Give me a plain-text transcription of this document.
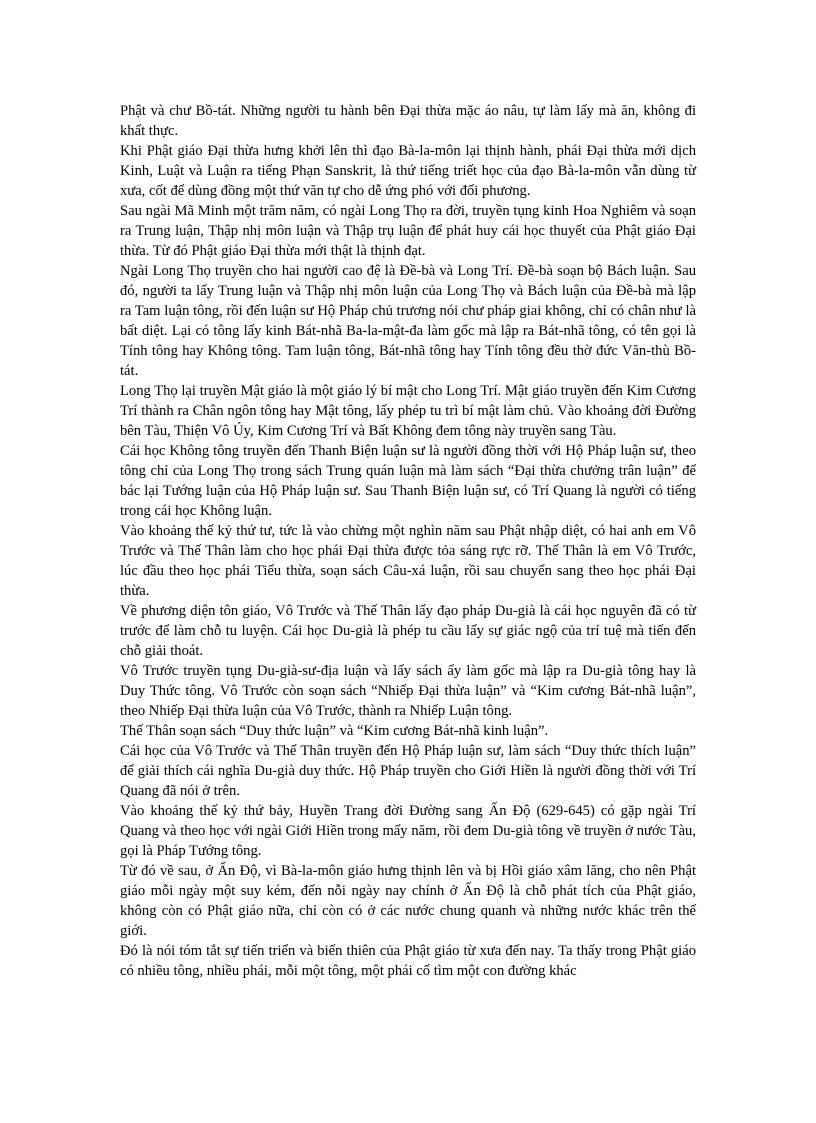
Phật và chư Bồ-tát. Những người tu hành bên Đại thừa mặc áo nâu, tự làm lấy mà ăn, không đi khất thực.

Khi Phật giáo Đại thừa hưng khởi lên thì đạo Bà-la-môn lại thịnh hành, phái Đại thừa mới dịch Kinh, Luật và Luận ra tiếng Phạn Sanskrit, là thứ tiếng triết học của đạo Bà-la-môn vẫn dùng từ xưa, cốt để dùng đồng một thứ văn tự cho dễ ứng phó với đối phương.

Sau ngài Mã Minh một trăm năm, có ngài Long Thọ ra đời, truyền tụng kinh Hoa Nghiêm và soạn ra Trung luận, Thập nhị môn luận và Thập trụ luận để phát huy cái học thuyết của Phật giáo Đại thừa. Từ đó Phật giáo Đại thừa mới thật là thịnh đạt.

Ngài Long Thọ truyền cho hai người cao đệ là Đề-bà và Long Trí. Đề-bà soạn bộ Bách luận. Sau đó, người ta lấy Trung luận và Thập nhị môn luận của Long Thọ và Bách luận của Đề-bà mà lập ra Tam luận tông, rồi đến luận sư Hộ Pháp chủ trương nói chư pháp giai không, chỉ có chân như là bất diệt. Lại có tông lấy kinh Bát-nhã Ba-la-mật-đa làm gốc mà lập ra Bát-nhã tông, có tên gọi là Tính tông hay Không tông. Tam luận tông, Bát-nhã tông hay Tính tông đều thờ đức Văn-thù Bồ-tát.

Long Thọ lại truyền Mật giáo là một giáo lý bí mật cho Long Trí. Mật giáo truyền đến Kim Cương Trí thành ra Chân ngôn tông hay Mật tông, lấy phép tu trì bí mật làm chủ. Vào khoảng đời Đường bên Tàu, Thiện Vô Úy, Kim Cương Trí và Bất Không đem tông này truyền sang Tàu.

Cái học Không tông truyền đến Thanh Biện luận sư là người đồng thời với Hộ Pháp luận sư, theo tông chỉ của Long Thọ trong sách Trung quán luận mà làm sách “Đại thừa chưởng trân luận” để bác lại Tướng luận của Hộ Pháp luận sư. Sau Thanh Biện luận sư, có Trí Quang là người có tiếng trong cái học Không luận.

Vào khoảng thế kỷ thứ tư, tức là vào chừng một nghìn năm sau Phật nhập diệt, có hai anh em Vô Trước và Thế Thân làm cho học phái Đại thừa được tỏa sáng rực rỡ. Thế Thân là em Vô Trước, lúc đầu theo học phái Tiểu thừa, soạn sách Câu-xá luận, rồi sau chuyển sang theo học phái Đại thừa.

Về phương diện tôn giáo, Vô Trước và Thế Thân lấy đạo pháp Du-già là cái học nguyên đã có từ trước để làm chỗ tu luyện. Cái học Du-già là phép tu cầu lấy sự giác ngộ của trí tuệ mà tiến đến chỗ giải thoát.

Vô Trước truyền tụng Du-già-sư-địa luận và lấy sách ấy làm gốc mà lập ra Du-già tông hay là Duy Thức tông. Vô Trước còn soạn sách “Nhiếp Đại thừa luận” và “Kim cương Bát-nhã luận”, theo Nhiếp Đại thừa luận của Vô Trước, thành ra Nhiếp Luận tông.

Thế Thân soạn sách “Duy thức luận” và “Kim cương Bát-nhã kinh luận”.

Cái học của Vô Trước và Thế Thân truyền đến Hộ Pháp luận sư, làm sách “Duy thức thích luận” để giải thích cái nghĩa Du-già duy thức. Hộ Pháp truyền cho Giới Hiền là người đồng thời với Trí Quang đã nói ở trên.

Vào khoảng thế kỷ thứ bảy, Huyền Trang đời Đường sang Ấn Độ (629-645) có gặp ngài Trí Quang và theo học với ngài Giới Hiền trong mấy năm, rồi đem Du-già tông về truyền ở nước Tàu, gọi là Pháp Tướng tông.

Từ đó về sau, ở Ấn Độ, vì Bà-la-môn giáo hưng thịnh lên và bị Hồi giáo xâm lăng, cho nên Phật giáo mỗi ngày một suy kém, đến nỗi ngày nay chính ở Ấn Độ là chỗ phát tích của Phật giáo, không còn có Phật giáo nữa, chỉ còn có ở các nước chung quanh và những nước khác trên thế giới.

Đó là nói tóm tắt sự tiến triển và biến thiên của Phật giáo từ xưa đến nay. Ta thấy trong Phật giáo có nhiều tông, nhiều phái, mỗi một tông, một phái cố tìm một con đường khác
